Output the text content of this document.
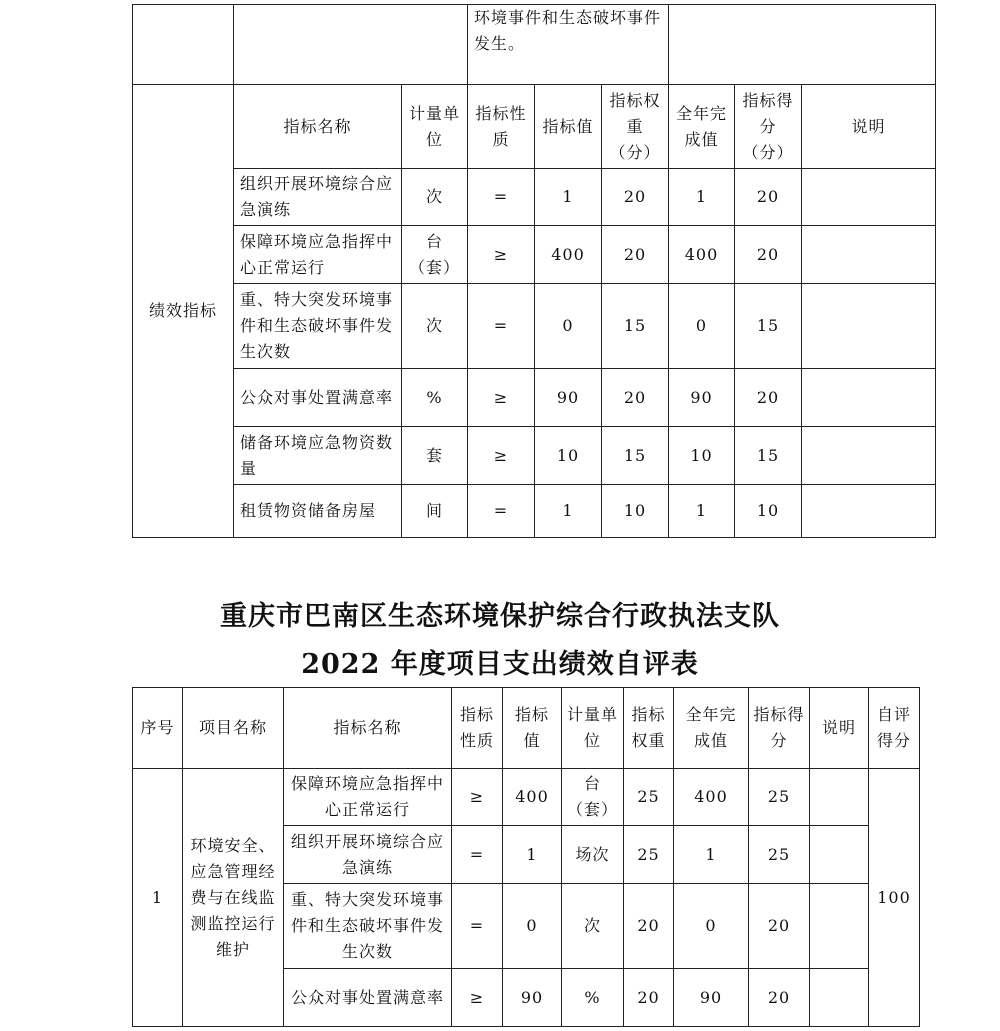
			环境事件和生态破坏事件发生。					
绩效指标	指标名称	计量单位	指标性质	指标值	指标权重（分）	全年完成值	指标得分（分）	说明
	组织开展环境综合应急演练	次	=	1	20	1	20	
	保障环境应急指挥中心正常运行	台（套）	≥	400	20	400	20	
	重、特大突发环境事件和生态破坏事件发生次数	次	=	0	15	0	15	
	公众对事处置满意率	%	≥	90	20	90	20	
	储备环境应急物资数量	套	≥	10	15	10	15	
	租赁物资储备房屋	间	=	1	10	1	10	
重庆市巴南区生态环境保护综合行政执法支队
2022 年度项目支出绩效自评表
序号	项目名称	指标名称	指标性质	指标值	计量单位	指标权重	全年完成值	指标得分	说明	自评得分
1	环境安全、应急管理经费与在线监测监控运行维护	保障环境应急指挥中心正常运行	≥	400	台（套）	25	400	25		100
		组织开展环境综合应急演练	=	1	场次	25	1	25		
		重、特大突发环境事件和生态破坏事件发生次数	=	0	次	20	0	20		
		公众对事处置满意率	≥	90	%	20	90	20		
